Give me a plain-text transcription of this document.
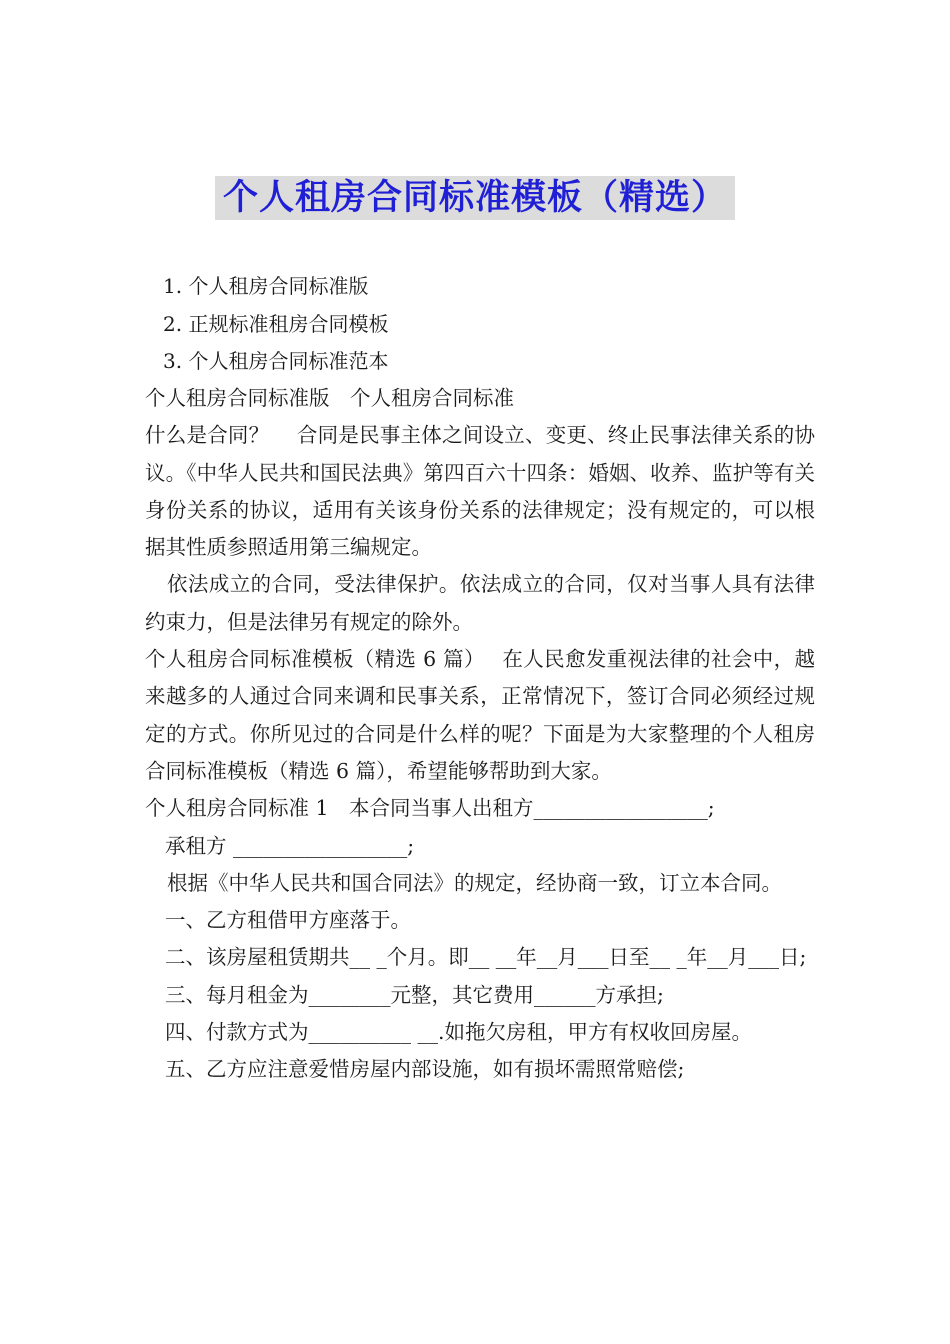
个人租房合同标准模板（精选）
1. 个人租房合同标准版
2. 正规标准租房合同模板
3. 个人租房合同标准范本

个人租房合同标准版　个人租房合同标准

什么是合同？　 合同是民事主体之间设立、变更、终止民事法律关系的协议。《中华人民共和国民法典》第四百六十四条：婚姻、收养、监护等有关身份关系的协议，适用有关该身份关系的法律规定；没有规定的，可以根据其性质参照适用第三编规定。

依法成立的合同，受法律保护。依法成立的合同，仅对当事人具有法律约束力，但是法律另有规定的除外。

个人租房合同标准模板（精选 6 篇）　 在人民愈发重视法律的社会中，越来越多的人通过合同来调和民事关系，正常情况下，签订合同必须经过规定的方式。你所见过的合同是什么样的呢？下面是为大家整理的个人租房合同标准模板（精选 6 篇），希望能够帮助到大家。

个人租房合同标准 1　本合同当事人出租方_________________;

承租方 _________________;

根据《中华人民共和国合同法》的规定，经协商一致，订立本合同。

一、乙方租借甲方座落于。

二、该房屋租赁期共__ _个月。即__ __年__月___日至__ _年__月___日;

三、每月租金为________元整，其它费用______方承担;

四、付款方式为__________ __.如拖欠房租，甲方有权收回房屋。

五、乙方应注意爱惜房屋内部设施，如有损坏需照常赔偿;
